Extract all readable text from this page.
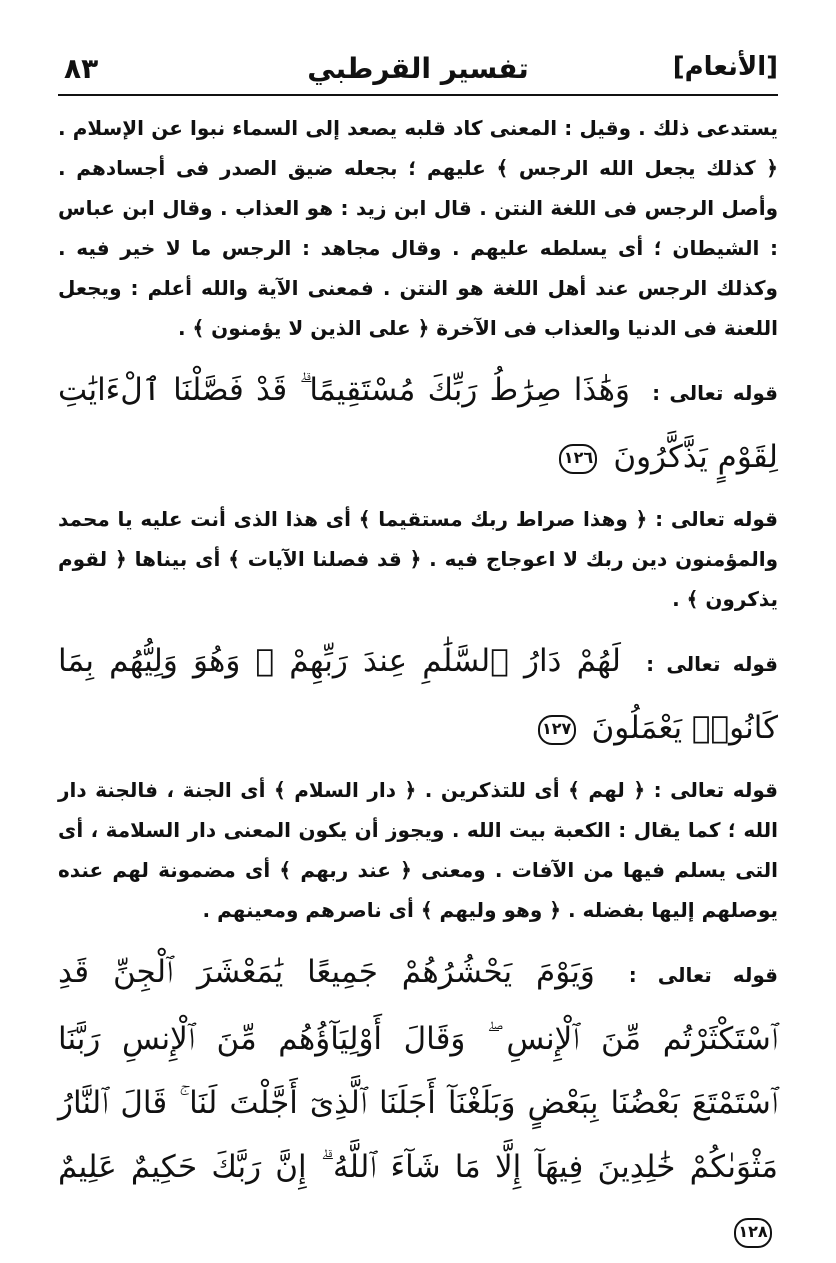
[الأنعام]
تفسير القرطبي
٨٣

يستدعى ذلك . وقيل : المعنى كاد قلبه يصعد إلى السماء نبوا عن الإسلام . ﴿ كذلك يجعل الله الرجس ﴾ عليهم ؛ بجعله ضيق الصدر فى أجسادهم . وأصل الرجس فى اللغة النتن . قال ابن زيد : هو العذاب . وقال ابن عباس : الشيطان ؛ أى يسلطه عليهم . وقال مجاهد : الرجس ما لا خير فيه . وكذلك الرجس عند أهل اللغة هو النتن . فمعنى الآية والله أعلم : ويجعل اللعنة فى الدنيا والعذاب فى الآخرة ﴿ على الذين لا يؤمنون ﴾ .

قوله تعالى : وَهَٰذَا صِرَٰطُ رَبِّكَ مُسْتَقِيمًا ۗ قَدْ فَصَّلْنَا ٱلْءَايَٰتِ لِقَوْمٍ يَذَّكَّرُونَ ١٢٦

قوله تعالى : ﴿ وهذا صراط ربك مستقيما ﴾ أى هذا الذى أنت عليه يا محمد والمؤمنون دين ربك لا اعوجاج فيه . ﴿ قد فصلنا الآيات ﴾ أى بيناها ﴿ لقوم يذكرون ﴾ .

قوله تعالى : لَهُمْ دَارُ ٱلسَّلَٰمِ عِندَ رَبِّهِمْ ۖ وَهُوَ وَلِيُّهُم بِمَا كَانُوا۟ يَعْمَلُونَ ١٢٧

قوله تعالى : ﴿ لهم ﴾ أى للتذكرين . ﴿ دار السلام ﴾ أى الجنة ، فالجنة دار الله ؛ كما يقال : الكعبة بيت الله . ويجوز أن يكون المعنى دار السلامة ، أى التى يسلم فيها من الآفات . ومعنى ﴿ عند ربهم ﴾ أى مضمونة لهم عنده يوصلهم إليها بفضله . ﴿ وهو وليهم ﴾ أى ناصرهم ومعينهم .

قوله تعالى : وَيَوْمَ يَحْشُرُهُمْ جَمِيعًا يَٰمَعْشَرَ ٱلْجِنِّ قَدِ ٱسْتَكْثَرْتُم مِّنَ ٱلْإِنسِ ۖ وَقَالَ أَوْلِيَآؤُهُم مِّنَ ٱلْإِنسِ رَبَّنَا ٱسْتَمْتَعَ بَعْضُنَا بِبَعْضٍ وَبَلَغْنَآ أَجَلَنَا ٱلَّذِىٓ أَجَّلْتَ لَنَا ۚ قَالَ ٱلنَّارُ مَثْوَىٰكُمْ خَٰلِدِينَ فِيهَآ إِلَّا مَا شَآءَ ٱللَّهُ ۗ إِنَّ رَبَّكَ حَكِيمٌ عَلِيمٌ ١٢٨
